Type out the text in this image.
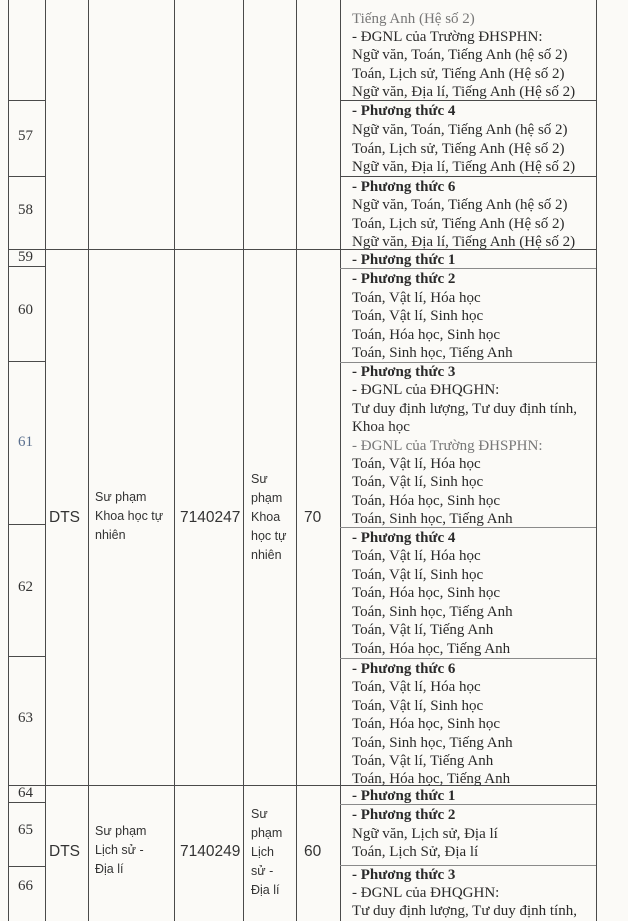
Tiếng Anh (Hệ số 2)
- ĐGNL của Trường ĐHSPHN:
Ngữ văn, Toán, Tiếng Anh (hệ số 2)
Toán, Lịch sử, Tiếng Anh (Hệ số 2)
Ngữ văn, Địa lí, Tiếng Anh (Hệ số 2)
57
- Phương thức 4
Ngữ văn, Toán, Tiếng Anh (hệ số 2)
Toán, Lịch sử, Tiếng Anh (Hệ số 2)
Ngữ văn, Địa lí, Tiếng Anh (Hệ số 2)
58
- Phương thức 6
Ngữ văn, Toán, Tiếng Anh (hệ số 2)
Toán, Lịch sử, Tiếng Anh (Hệ số 2)
Ngữ văn, Địa lí, Tiếng Anh (Hệ số 2)
DTS
Sư phạm
Khoa học tự
nhiên
7140247
Sư
phạm
Khoa
học tự
nhiên
70
59	- Phương thức 1
60
- Phương thức 2
Toán, Vật lí, Hóa học
Toán, Vật lí, Sinh học
Toán, Hóa học, Sinh học
Toán, Sinh học, Tiếng Anh
61
- Phương thức 3
- ĐGNL của ĐHQGHN:
Tư duy định lượng, Tư duy định tính,
Khoa học
- ĐGNL của Trường ĐHSPHN:
Toán, Vật lí, Hóa học
Toán, Vật lí, Sinh học
Toán, Hóa học, Sinh học
Toán, Sinh học, Tiếng Anh
62
- Phương thức 4
Toán, Vật lí, Hóa học
Toán, Vật lí, Sinh học
Toán, Hóa học, Sinh học
Toán, Sinh học, Tiếng Anh
Toán, Vật lí, Tiếng Anh
Toán, Hóa học, Tiếng Anh
63
- Phương thức 6
Toán, Vật lí, Hóa học
Toán, Vật lí, Sinh học
Toán, Hóa học, Sinh học
Toán, Sinh học, Tiếng Anh
Toán, Vật lí, Tiếng Anh
Toán, Hóa học, Tiếng Anh
DTS
Sư phạm
Lịch sử -
Địa lí
7140249
Sư
phạm
Lịch
sử -
Địa lí
60
64	- Phương thức 1
65
- Phương thức 2
Ngữ văn, Lịch sử, Địa lí
Toán, Lịch Sử, Địa lí
66
- Phương thức 3
- ĐGNL của ĐHQGHN:
Tư duy định lượng, Tư duy định tính,
